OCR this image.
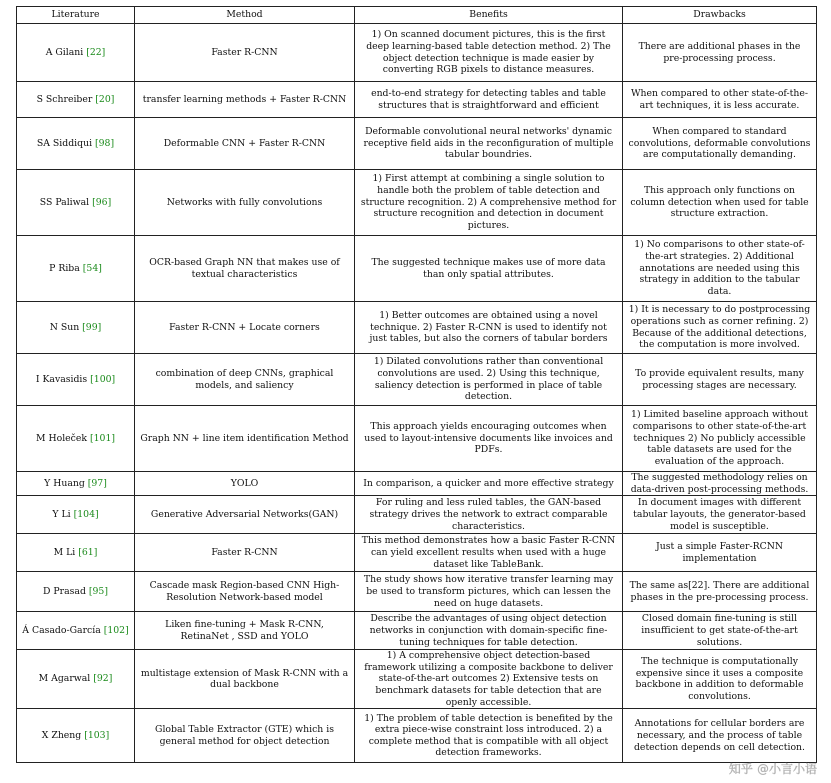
Literature	Method	Benefits	Drawbacks
A Gilani [22]	Faster R-CNN	1) On scanned document pictures, this is the first deep learning-based table detection method. 2) The object detection technique is made easier by converting RGB pixels to distance measures.	There are additional phases in the pre-processing process.
S Schreiber [20]	transfer learning methods + Faster R-CNN	end-to-end strategy for detecting tables and table structures that is straightforward and efficient	When compared to other state-of-the-art techniques, it is less accurate.
SA Siddiqui [98]	Deformable CNN + Faster R-CNN	Deformable convolutional neural networks' dynamic receptive field aids in the reconfiguration of multiple tabular boundries.	When compared to standard convolutions, deformable convolutions are computationally demanding.
SS Paliwal [96]	Networks with fully convolutions	1) First attempt at combining a single solution to handle both the problem of table detection and structure recognition. 2) A comprehensive method for structure recognition and detection in document pictures.	This approach only functions on column detection when used for table structure extraction.
P Riba [54]	OCR-based Graph NN that makes use of textual characteristics	The suggested technique makes use of more data than only spatial attributes.	1) No comparisons to other state-of-the-art strategies. 2) Additional annotations are needed using this strategy in addition to the tabular data.
N Sun [99]	Faster R-CNN + Locate corners	1) Better outcomes are obtained using a novel technique. 2) Faster R-CNN is used to identify not just tables, but also the corners of tabular borders	1) It is necessary to do postprocessing operations such as corner refining. 2) Because of the additional detections, the computation is more involved.
I Kavasidis [100]	combination of deep CNNs, graphical models, and saliency	1) Dilated convolutions rather than conventional convolutions are used. 2) Using this technique, saliency detection is performed in place of table detection.	To provide equivalent results, many processing stages are necessary.
M Holeček [101]	Graph NN + line item identification Method	This approach yields encouraging outcomes when used to layout-intensive documents like invoices and PDFs.	1) Limited baseline approach without comparisons to other state-of-the-art techniques 2) No publicly accessible table datasets are used for the evaluation of the approach.
Y Huang [97]	YOLO	In comparison, a quicker and more effective strategy	The suggested methodology relies on data-driven post-processing methods.
Y Li [104]	Generative Adversarial Networks(GAN)	For ruling and less ruled tables, the GAN-based strategy drives the network to extract comparable characteristics.	In document images with different tabular layouts, the generator-based model is susceptible.
M Li [61]	Faster R-CNN	This method demonstrates how a basic Faster R-CNN can yield excellent results when used with a huge dataset like TableBank.	Just a simple Faster-RCNN implementation
D Prasad [95]	Cascade mask Region-based CNN High-Resolution Network-based model	The study shows how iterative transfer learning may be used to transform pictures, which can lessen the need on huge datasets.	The same as[22]. There are additional phases in the pre-processing process.
Á Casado-García [102]	Liken fine-tuning + Mask R-CNN, RetinaNet , SSD and YOLO	Describe the advantages of using object detection networks in conjunction with domain-specific fine-tuning techniques for table detection.	Closed domain fine-tuning is still insufficient to get state-of-the-art solutions.
M Agarwal [92]	multistage extension of Mask R-CNN with a dual backbone	1) A comprehensive object detection-based framework utilizing a composite backbone to deliver state-of-the-art outcomes 2) Extensive tests on benchmark datasets for table detection that are openly accessible.	The technique is computationally expensive since it uses a composite backbone in addition to deformable convolutions.
X Zheng [103]	Global Table Extractor (GTE) which is general method for object detection	1) The problem of table detection is benefited by the extra piece-wise constraint loss introduced. 2) a complete method that is compatible with all object detection frameworks.	Annotations for cellular borders are necessary, and the process of table detection depends on cell detection.
知乎 @小言小语
